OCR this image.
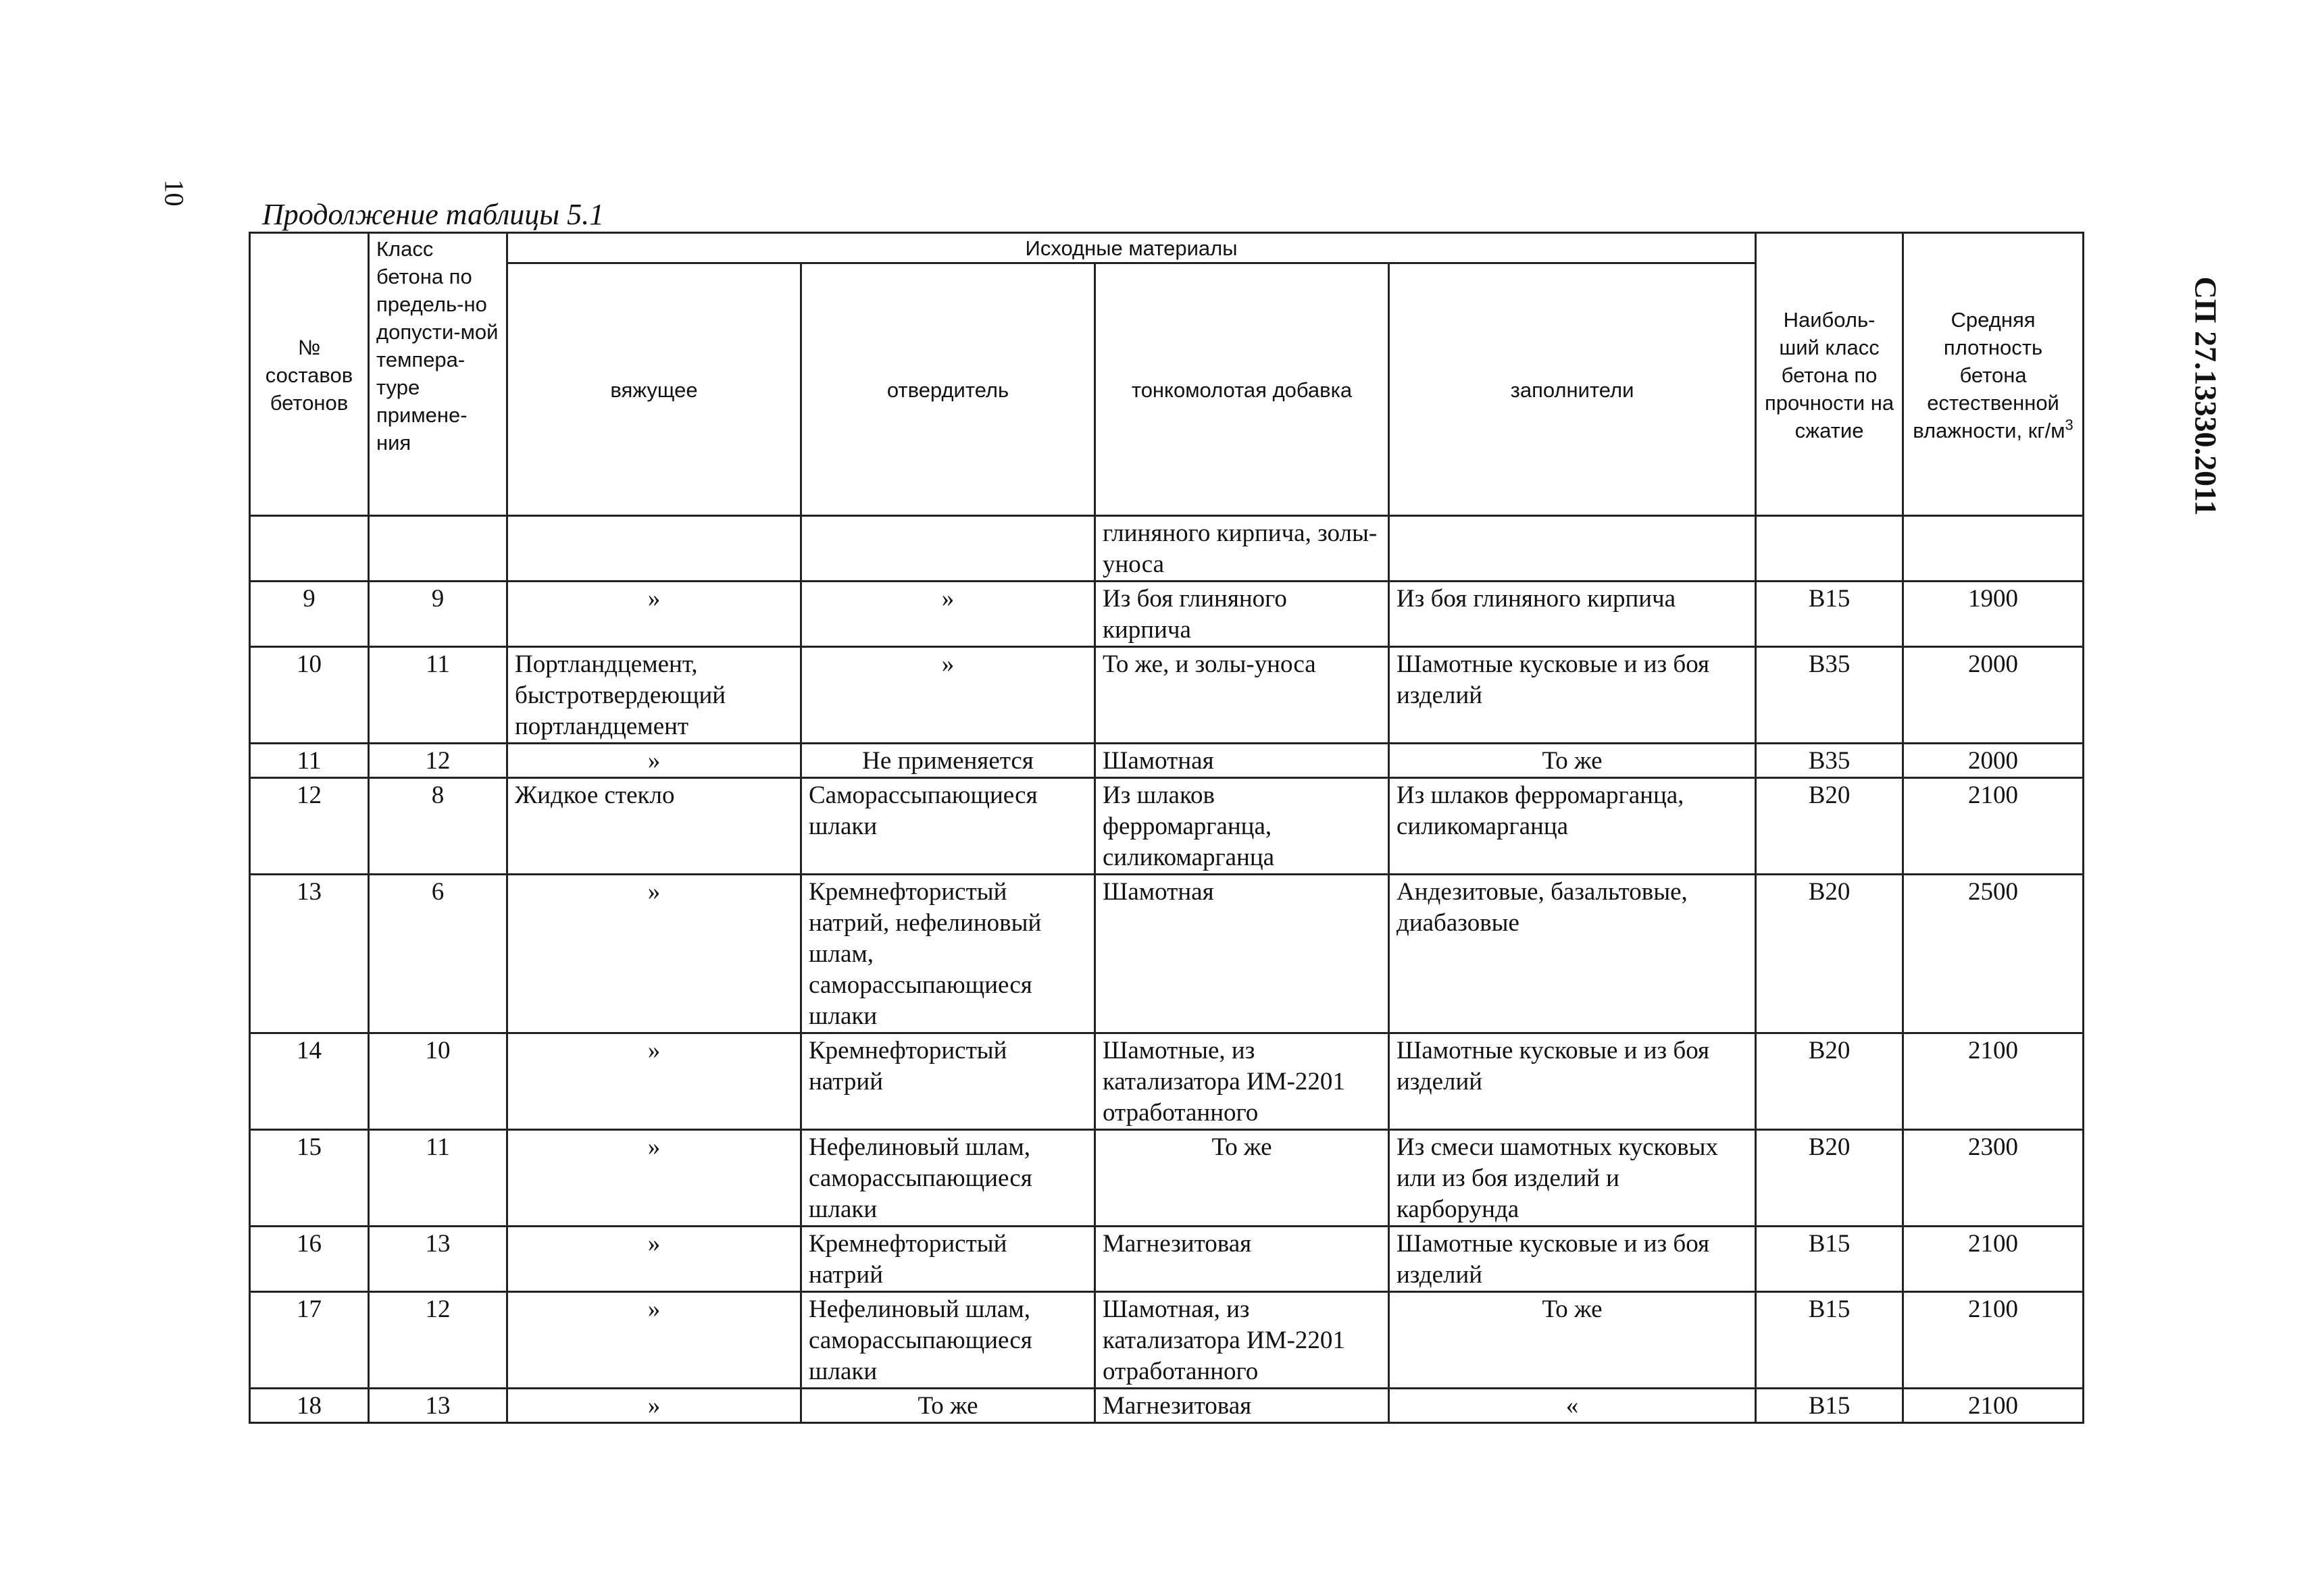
10
СП 27.13330.2011
Продолжение таблицы 5.1
№ составов бетонов	Класс бетона по предель-но допусти-мой темпера-туре примене-ния	Исходные материалы				Наиболь-ший класс бетона по прочности на сжатие	Средняя плотность бетона естественной влажности, $кг/м^3$
		вяжущее	отвердитель	тонкомолотая добавка	заполнители		
				глиняного кирпича, золы-уноса			
9	9	»	»	Из боя глиняного кирпича	Из боя глиняного кирпича	B15	1900
10	11	Портландцемент, быстротвердеющий портландцемент	»	То же, и золы-уноса	Шамотные кусковые и из боя изделий	B35	2000
11	12	»	Не применяется	Шамотная	То же	B35	2000
12	8	Жидкое стекло	Саморассыпающиеся шлаки	Из шлаков ферромарганца, силикомарганца	Из шлаков ферромарганца, силикомарганца	B20	2100
13	6	»	Кремнефтористый натрий, нефелиновый шлам, саморассыпающиеся шлаки	Шамотная	Андезитовые, базальтовые, диабазовые	B20	2500
14	10	»	Кремнефтористый натрий	Шамотные, из катализатора ИМ-2201 отработанного	Шамотные кусковые и из боя изделий	B20	2100
15	11	»	Нефелиновый шлам, саморассыпающиеся шлаки	То же	Из смеси шамотных кусковых или из боя изделий и карборунда	B20	2300
16	13	»	Кремнефтористый натрий	Магнезитовая	Шамотные кусковые и из боя изделий	B15	2100
17	12	»	Нефелиновый шлам, саморассыпающиеся шлаки	Шамотная, из катализатора ИМ-2201 отработанного	То же	B15	2100
18	13	»	То же	Магнезитовая	«	B15	2100
